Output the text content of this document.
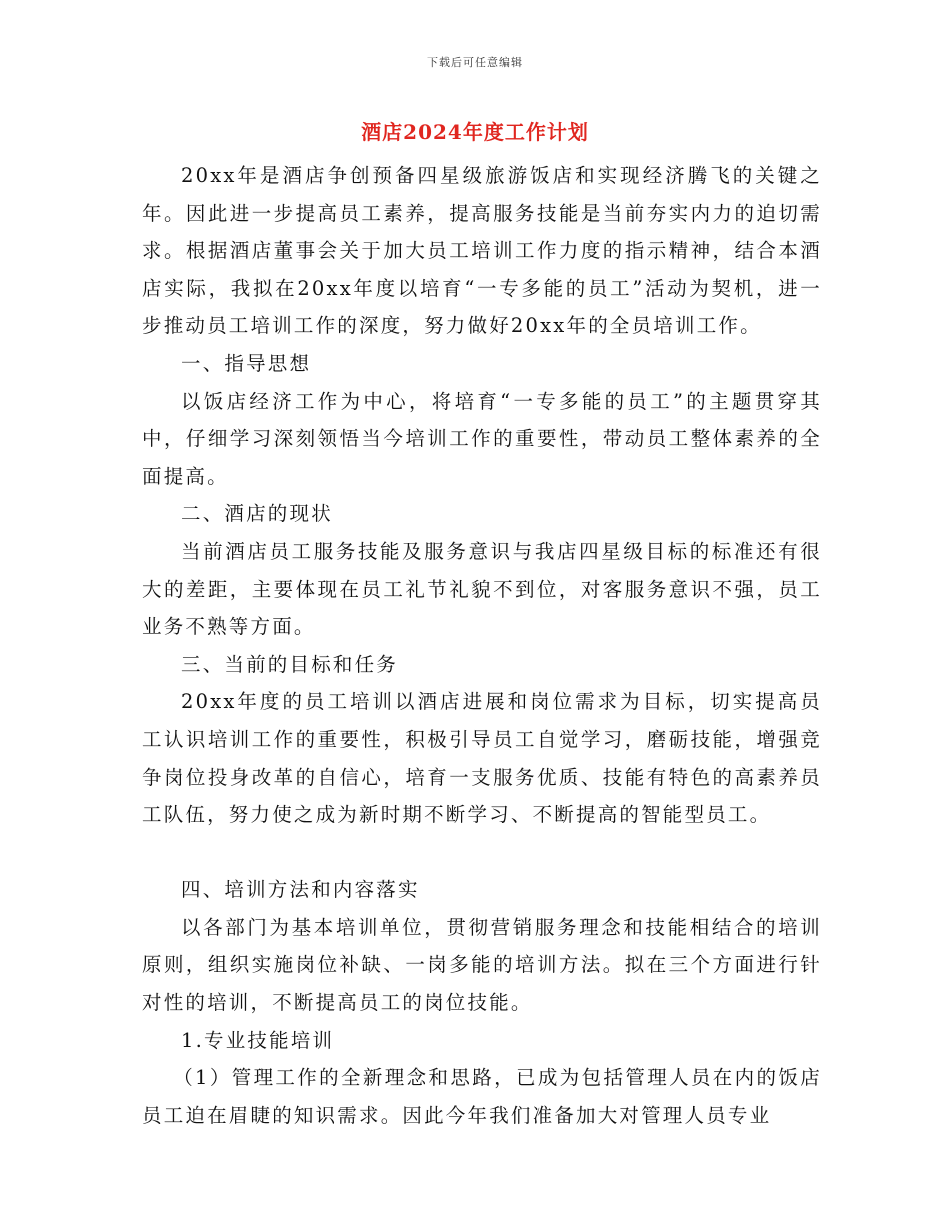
下载后可任意编辑
酒店2024年度工作计划

20xx年是酒店争创预备四星级旅游饭店和实现经济腾飞的关键之年。因此进一步提高员工素养，提高服务技能是当前夯实内力的迫切需求。根据酒店董事会关于加大员工培训工作力度的指示精神，结合本酒店实际，我拟在20xx年度以培育“一专多能的员工”活动为契机，进一步推动员工培训工作的深度，努力做好20xx年的全员培训工作。

一、指导思想

以饭店经济工作为中心，将培育“一专多能的员工”的主题贯穿其中，仔细学习深刻领悟当今培训工作的重要性，带动员工整体素养的全面提高。

二、酒店的现状

当前酒店员工服务技能及服务意识与我店四星级目标的标准还有很大的差距，主要体现在员工礼节礼貌不到位，对客服务意识不强，员工业务不熟等方面。

三、当前的目标和任务

20xx年度的员工培训以酒店进展和岗位需求为目标，切实提高员工认识培训工作的重要性，积极引导员工自觉学习，磨砺技能，增强竞争岗位投身改革的自信心，培育一支服务优质、技能有特色的高素养员工队伍，努力使之成为新时期不断学习、不断提高的智能型员工。

四、培训方法和内容落实

以各部门为基本培训单位，贯彻营销服务理念和技能相结合的培训原则，组织实施岗位补缺、一岗多能的培训方法。拟在三个方面进行针对性的培训，不断提高员工的岗位技能。

1.专业技能培训

（1）管理工作的全新理念和思路，已成为包括管理人员在内的饭店员工迫在眉睫的知识需求。因此今年我们准备加大对管理人员专业
